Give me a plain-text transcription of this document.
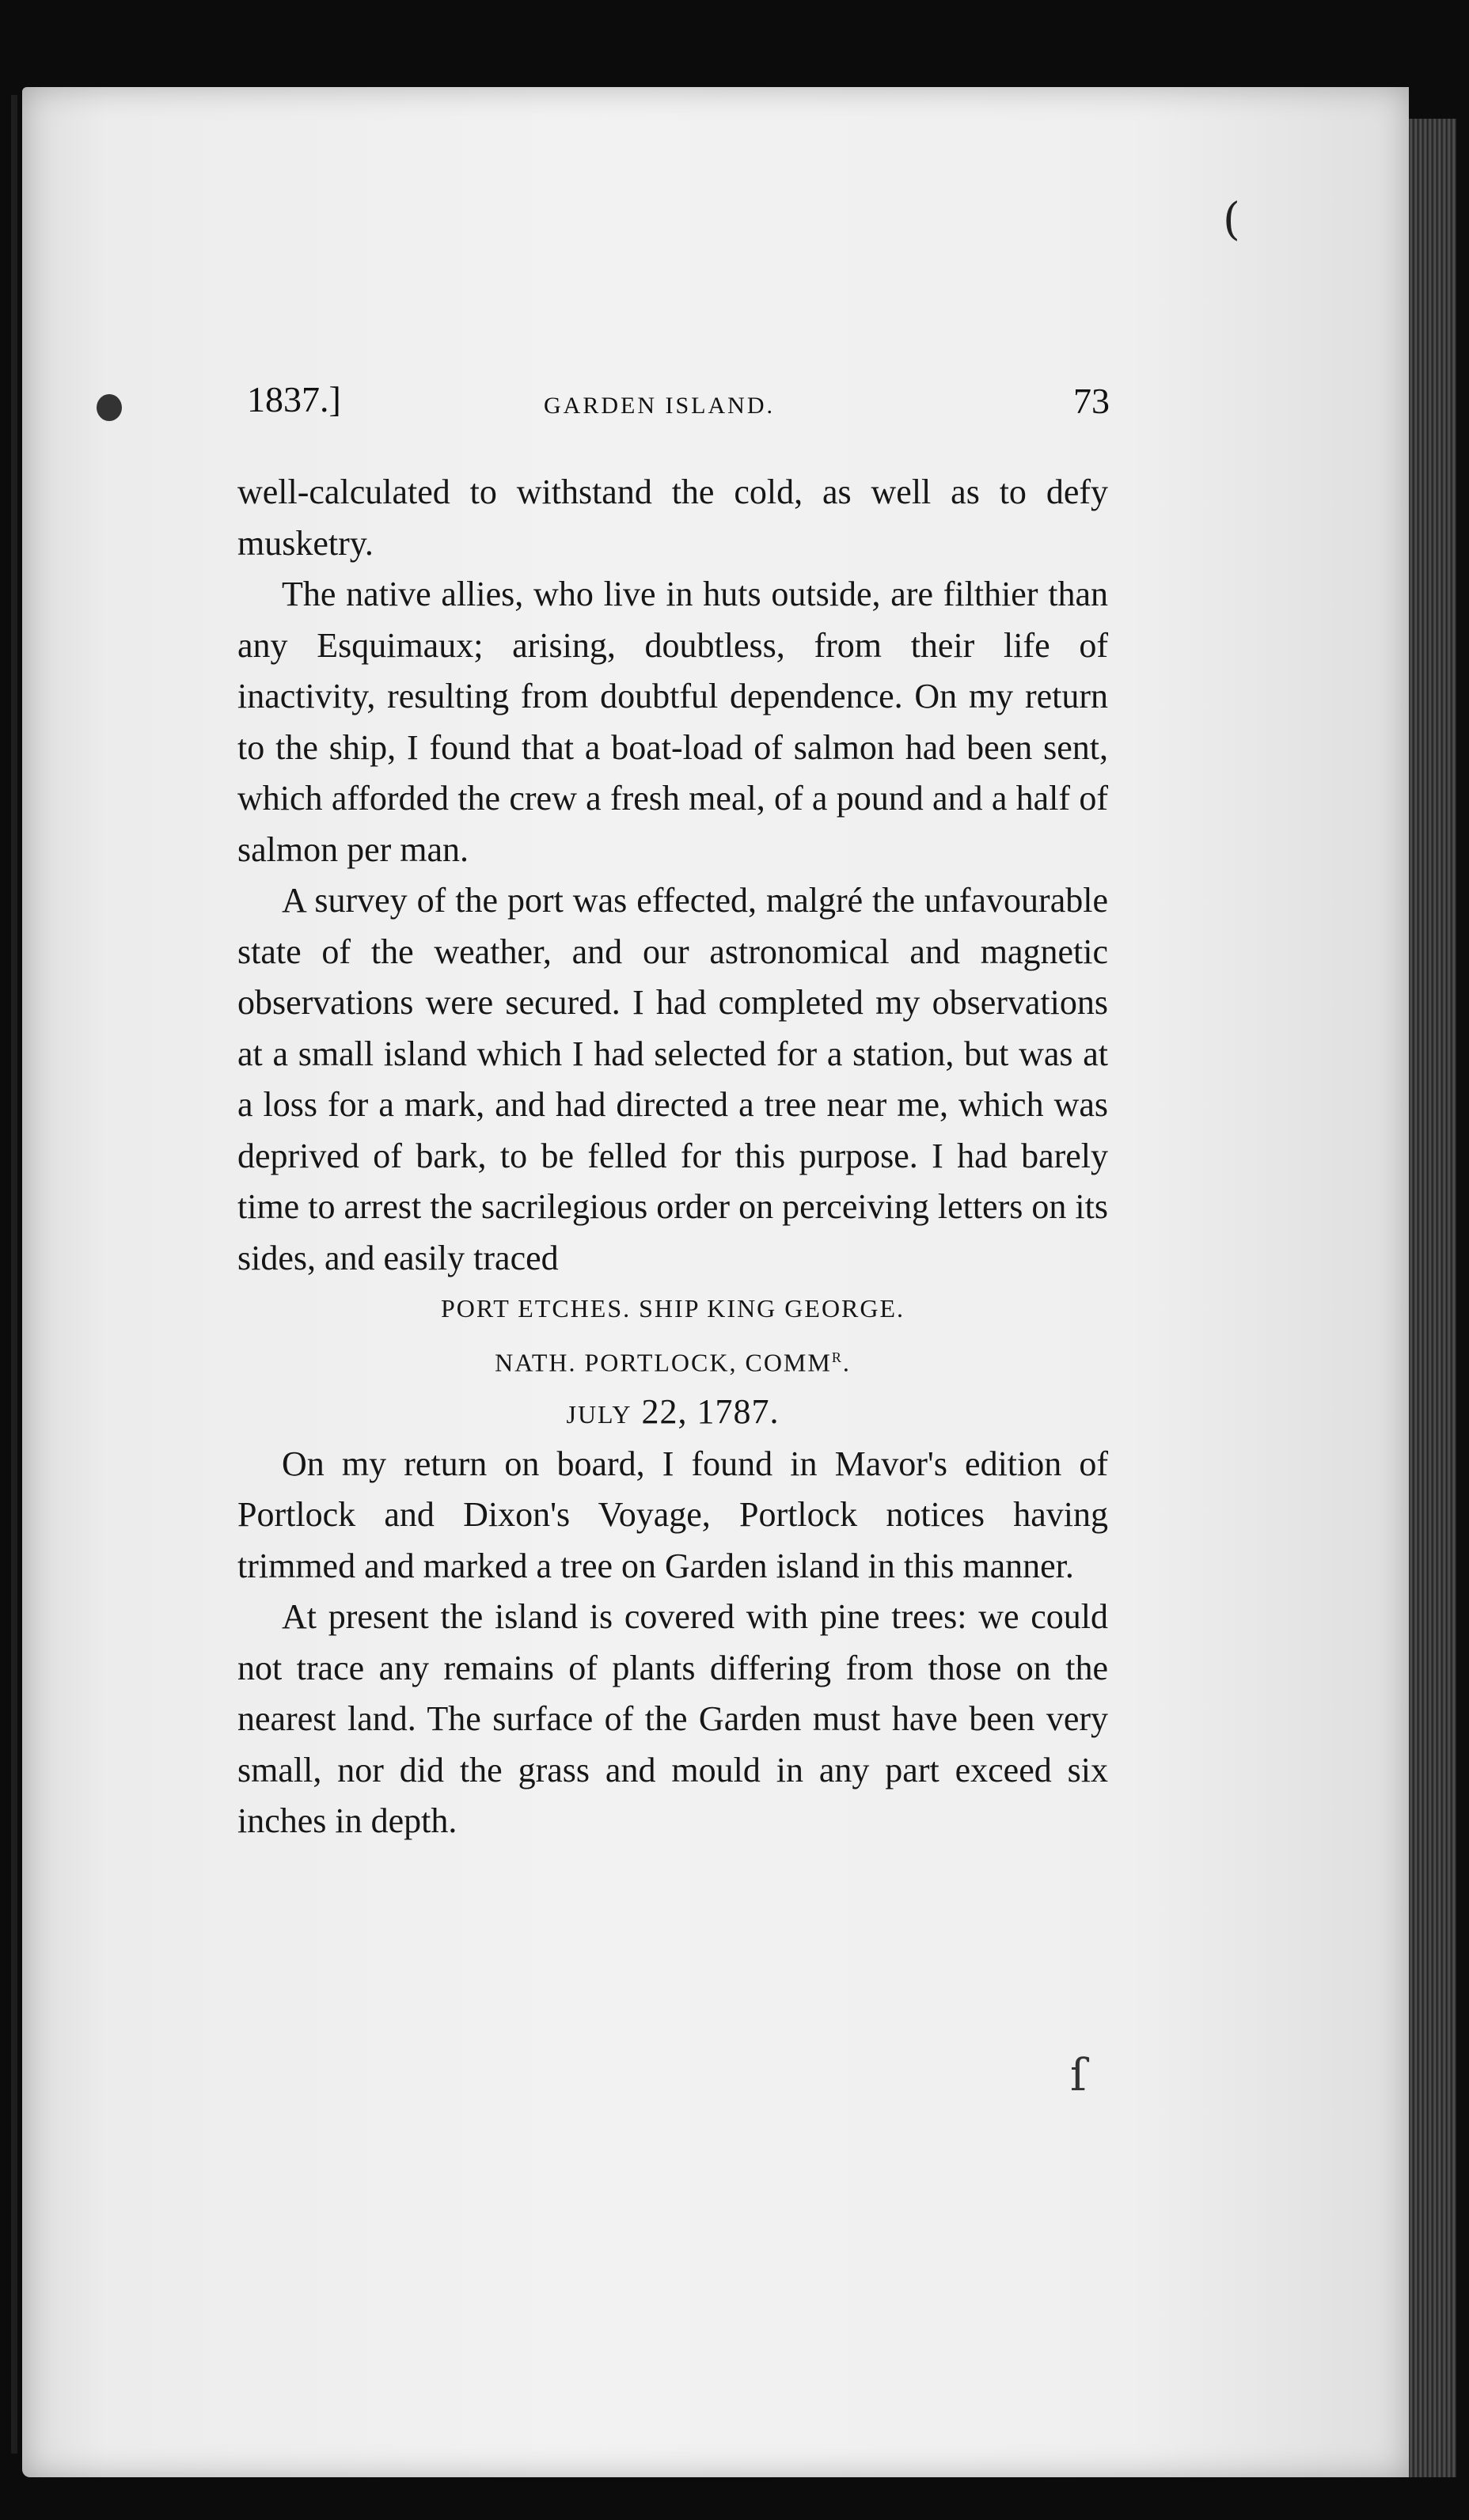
(
ſ
1837.]	GARDEN ISLAND.	73

well-calculated to withstand the cold, as well as to defy musketry.

The native allies, who live in huts outside, are filthier than any Esquimaux; arising, doubtless, from their life of inactivity, resulting from doubtful dependence. On my return to the ship, I found that a boat-load of salmon had been sent, which afforded the crew a fresh meal, of a pound and a half of salmon per man.

A survey of the port was effected, malgré the unfavourable state of the weather, and our astronomical and magnetic observations were secured. I had completed my observations at a small island which I had selected for a station, but was at a loss for a mark, and had directed a tree near me, which was deprived of bark, to be felled for this purpose. I had barely time to arrest the sacrilegious order on perceiving letters on its sides, and easily traced

PORT ETCHES. SHIP KING GEORGE.

NATH. PORTLOCK, $COMM^R$.

JULY 22, 1787.

On my return on board, I found in Mavor's edition of Portlock and Dixon's Voyage, Portlock notices having trimmed and marked a tree on Garden island in this manner.

At present the island is covered with pine trees: we could not trace any remains of plants differing from those on the nearest land. The surface of the Garden must have been very small, nor did the grass and mould in any part exceed six inches in depth.
